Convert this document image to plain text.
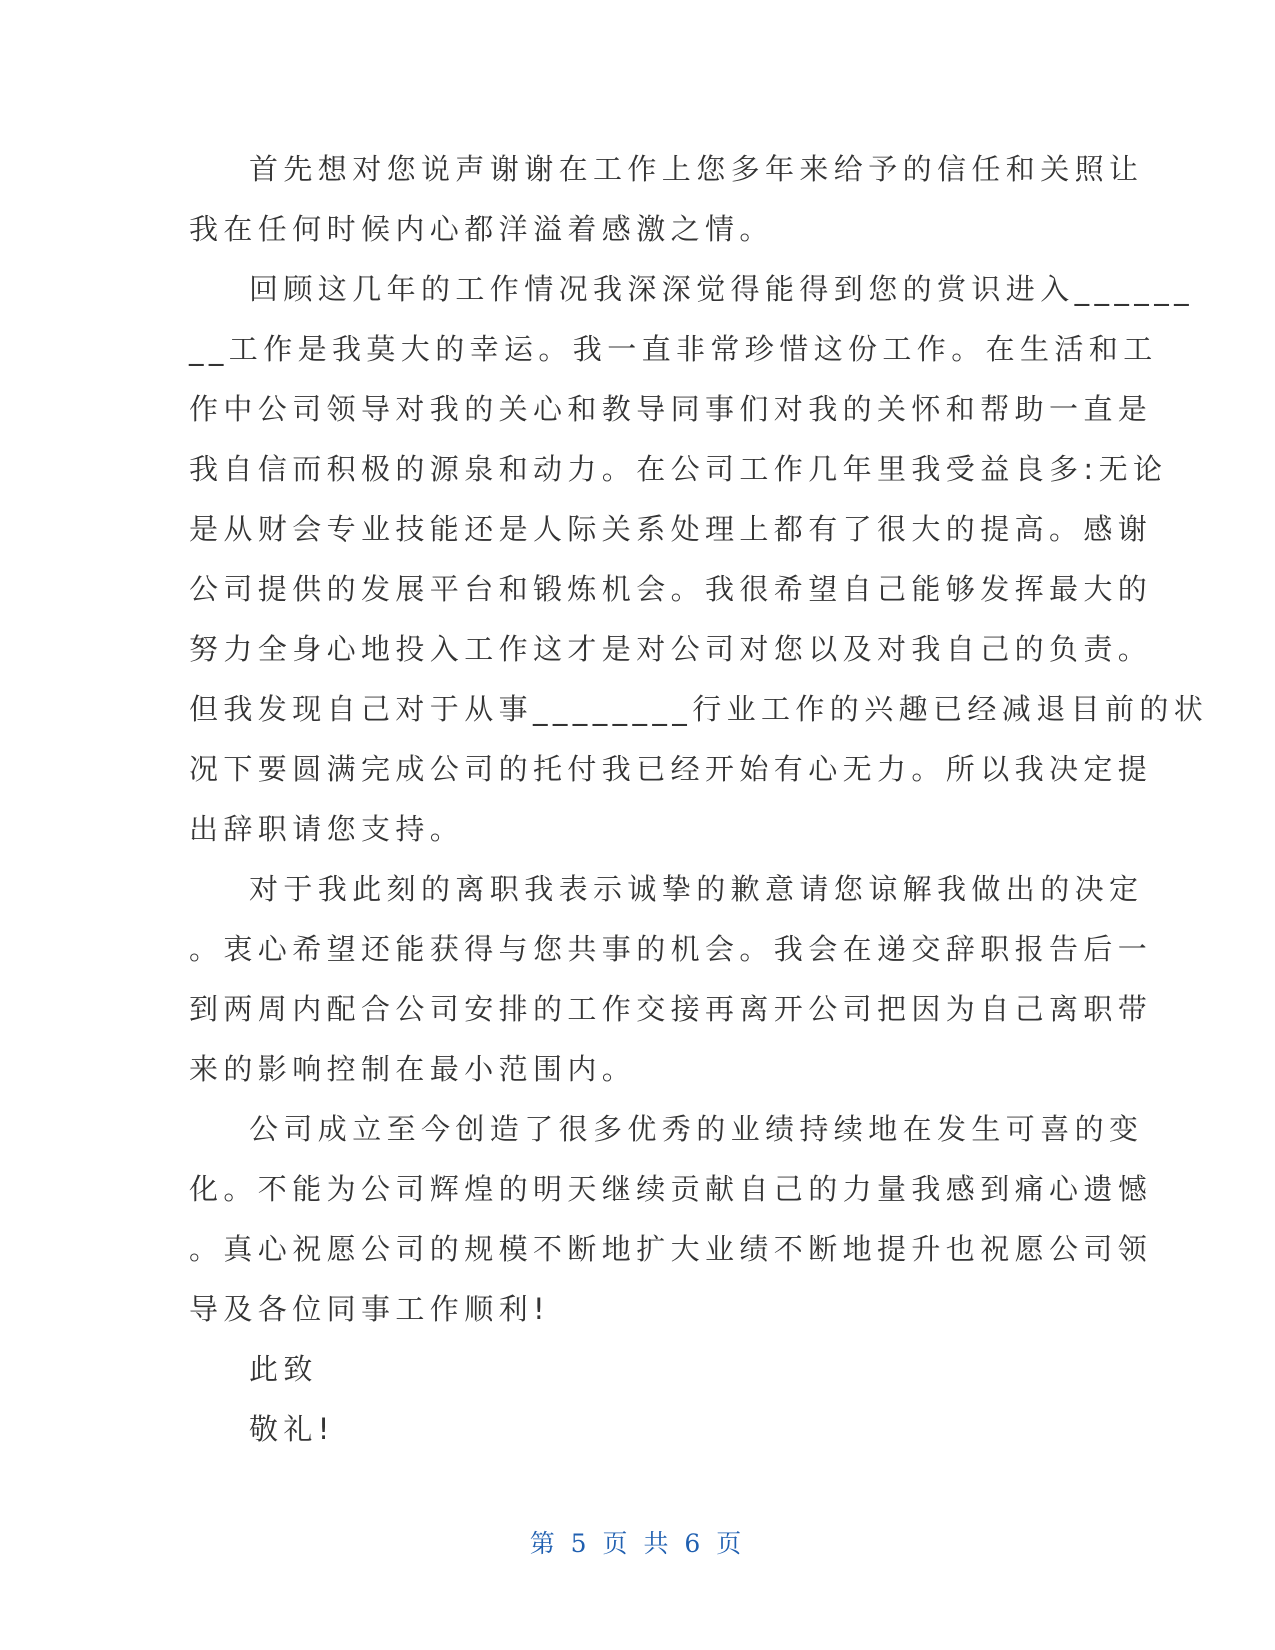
首先想对您说声谢谢在工作上您多年来给予的信任和关照让
我在任何时候内心都洋溢着感激之情。
回顾这几年的工作情况我深深觉得能得到您的赏识进入______
__工作是我莫大的幸运。我一直非常珍惜这份工作。在生活和工
作中公司领导对我的关心和教导同事们对我的关怀和帮助一直是
我自信而积极的源泉和动力。在公司工作几年里我受益良多:无论
是从财会专业技能还是人际关系处理上都有了很大的提高。感谢
公司提供的发展平台和锻炼机会。我很希望自己能够发挥最大的
努力全身心地投入工作这才是对公司对您以及对我自己的负责。
但我发现自己对于从事________行业工作的兴趣已经减退目前的状
况下要圆满完成公司的托付我已经开始有心无力。所以我决定提
出辞职请您支持。
对于我此刻的离职我表示诚挚的歉意请您谅解我做出的决定
。衷心希望还能获得与您共事的机会。我会在递交辞职报告后一
到两周内配合公司安排的工作交接再离开公司把因为自己离职带
来的影响控制在最小范围内。
公司成立至今创造了很多优秀的业绩持续地在发生可喜的变
化。不能为公司辉煌的明天继续贡献自己的力量我感到痛心遗憾
。真心祝愿公司的规模不断地扩大业绩不断地提升也祝愿公司领
导及各位同事工作顺利!
此致
敬礼!
第 5 页 共 6 页
